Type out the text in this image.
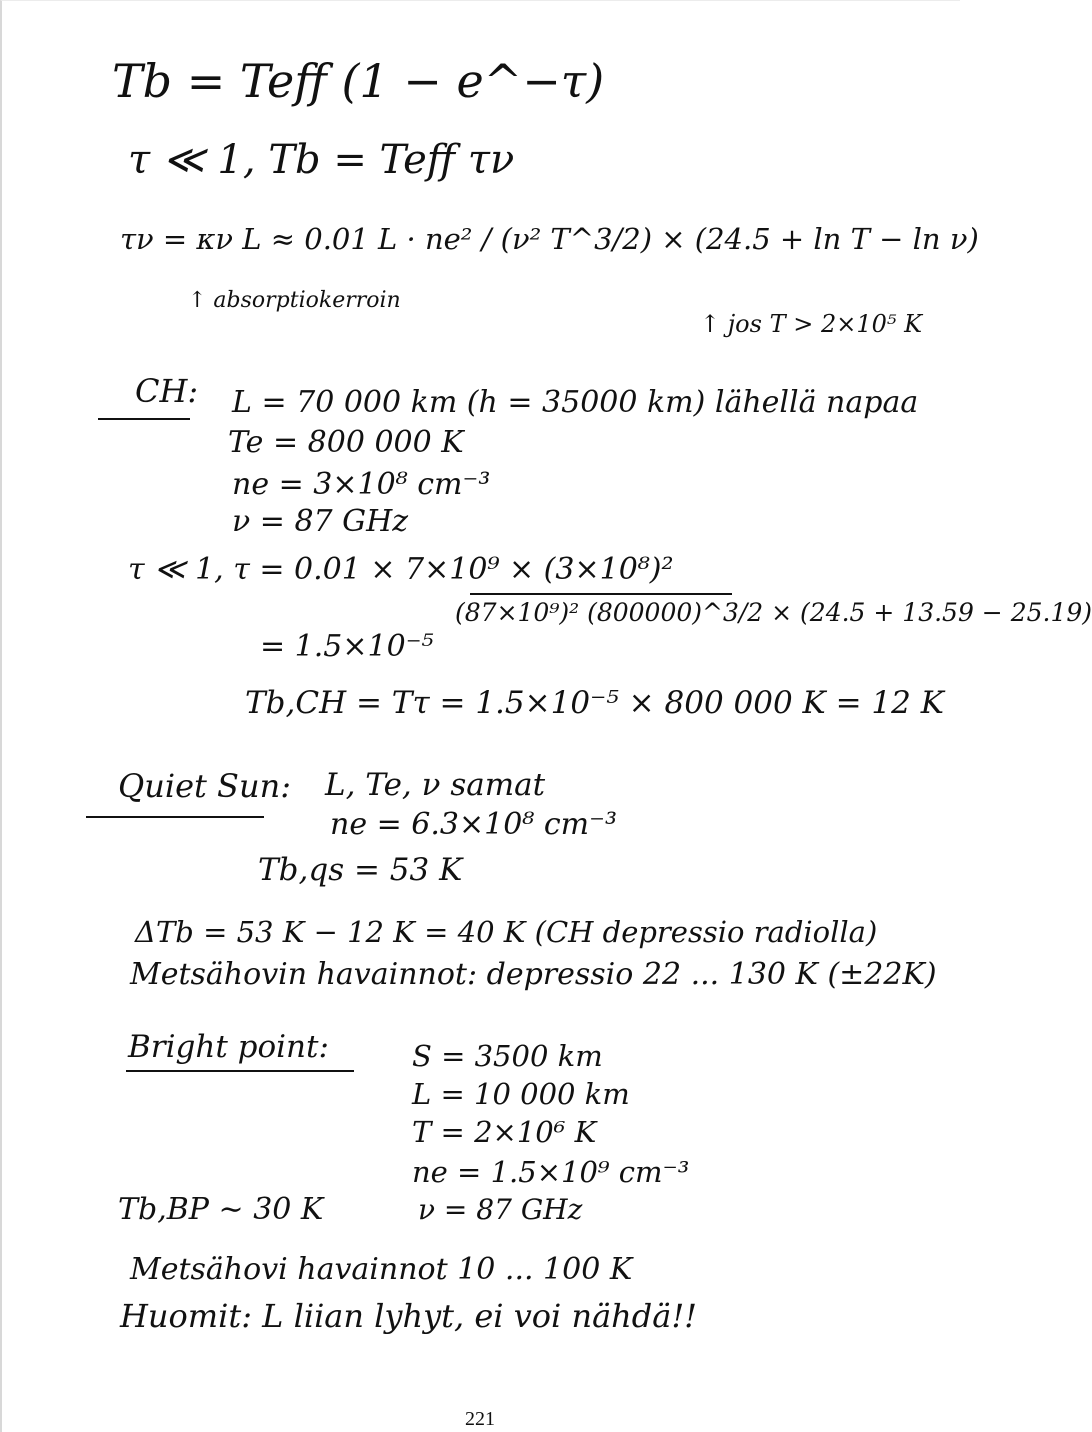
Tb = Teff (1 − e^−τ)
τ ≪ 1, Tb = Teff τν
τν = κν L ≈ 0.01 L · ne² / (ν² T^3/2) × (24.5 + ln T − ln ν)
↑ absorptiokerroin
↑ jos T > 2×10⁵ K
CH: L = 70 000 km (h = 35000 km) lähellä napaa
Te = 800 000 K
ne = 3×10⁸ cm⁻³
ν = 87 GHz
τ ≪ 1, τ = 0.01 × 7×10⁹ × (3×10⁸)²
(87×10⁹)² (800000)^3/2 × (24.5 + 13.59 − 25.19)
= 1.5×10⁻⁵
Tb,CH = Tτ = 1.5×10⁻⁵ × 800 000 K = 12 K
Quiet Sun: L, Te, ν samat
ne = 6.3×10⁸ cm⁻³
Tb,qs = 53 K
ΔTb = 53 K − 12 K = 40 K (CH depressio radiolla)
Metsähovin havainnot: depressio 22 ... 130 K (±22K)
Bright point:	S = 3500 km
L = 10 000 km
T = 2×10⁶ K
ne = 1.5×10⁹ cm⁻³
ν = 87 GHz
Tb,BP ∼ 30 K
Metsähovi havainnot 10 ... 100 K
Huomit: L liian lyhyt, ei voi nähdä!!
221
